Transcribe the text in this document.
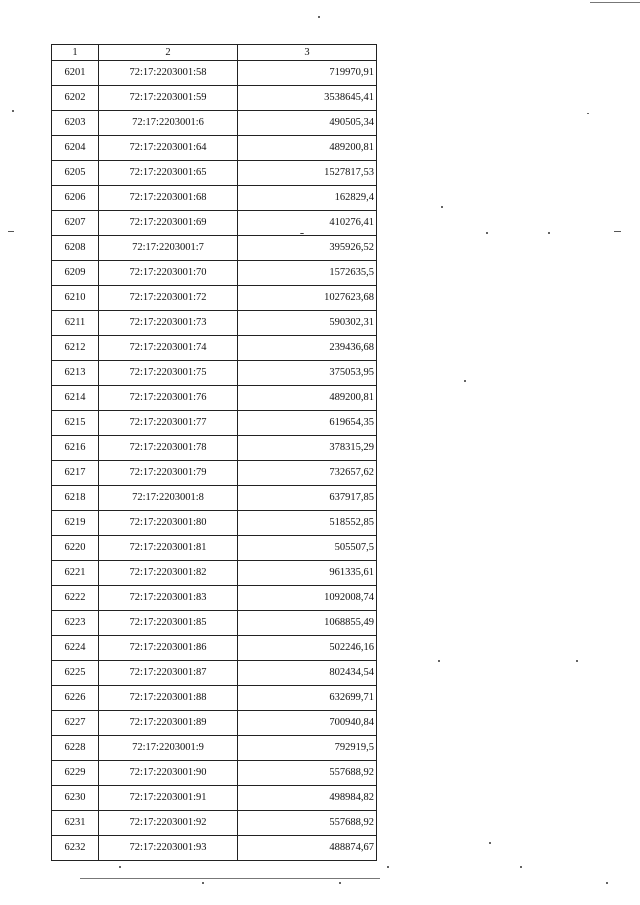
1	2	3
6201	72:17:2203001:58	719970,91
6202	72:17:2203001:59	3538645,41
6203	72:17:2203001:6	490505,34
6204	72:17:2203001:64	489200,81
6205	72:17:2203001:65	1527817,53
6206	72:17:2203001:68	162829,4
6207	72:17:2203001:69	410276,41
6208	72:17:2203001:7	395926,52
6209	72:17:2203001:70	1572635,5
6210	72:17:2203001:72	1027623,68
6211	72:17:2203001:73	590302,31
6212	72:17:2203001:74	239436,68
6213	72:17:2203001:75	375053,95
6214	72:17:2203001:76	489200,81
6215	72:17:2203001:77	619654,35
6216	72:17:2203001:78	378315,29
6217	72:17:2203001:79	732657,62
6218	72:17:2203001:8	637917,85
6219	72:17:2203001:80	518552,85
6220	72:17:2203001:81	505507,5
6221	72:17:2203001:82	961335,61
6222	72:17:2203001:83	1092008,74
6223	72:17:2203001:85	1068855,49
6224	72:17:2203001:86	502246,16
6225	72:17:2203001:87	802434,54
6226	72:17:2203001:88	632699,71
6227	72:17:2203001:89	700940,84
6228	72:17:2203001:9	792919,5
6229	72:17:2203001:90	557688,92
6230	72:17:2203001:91	498984,82
6231	72:17:2203001:92	557688,92
6232	72:17:2203001:93	488874,67
